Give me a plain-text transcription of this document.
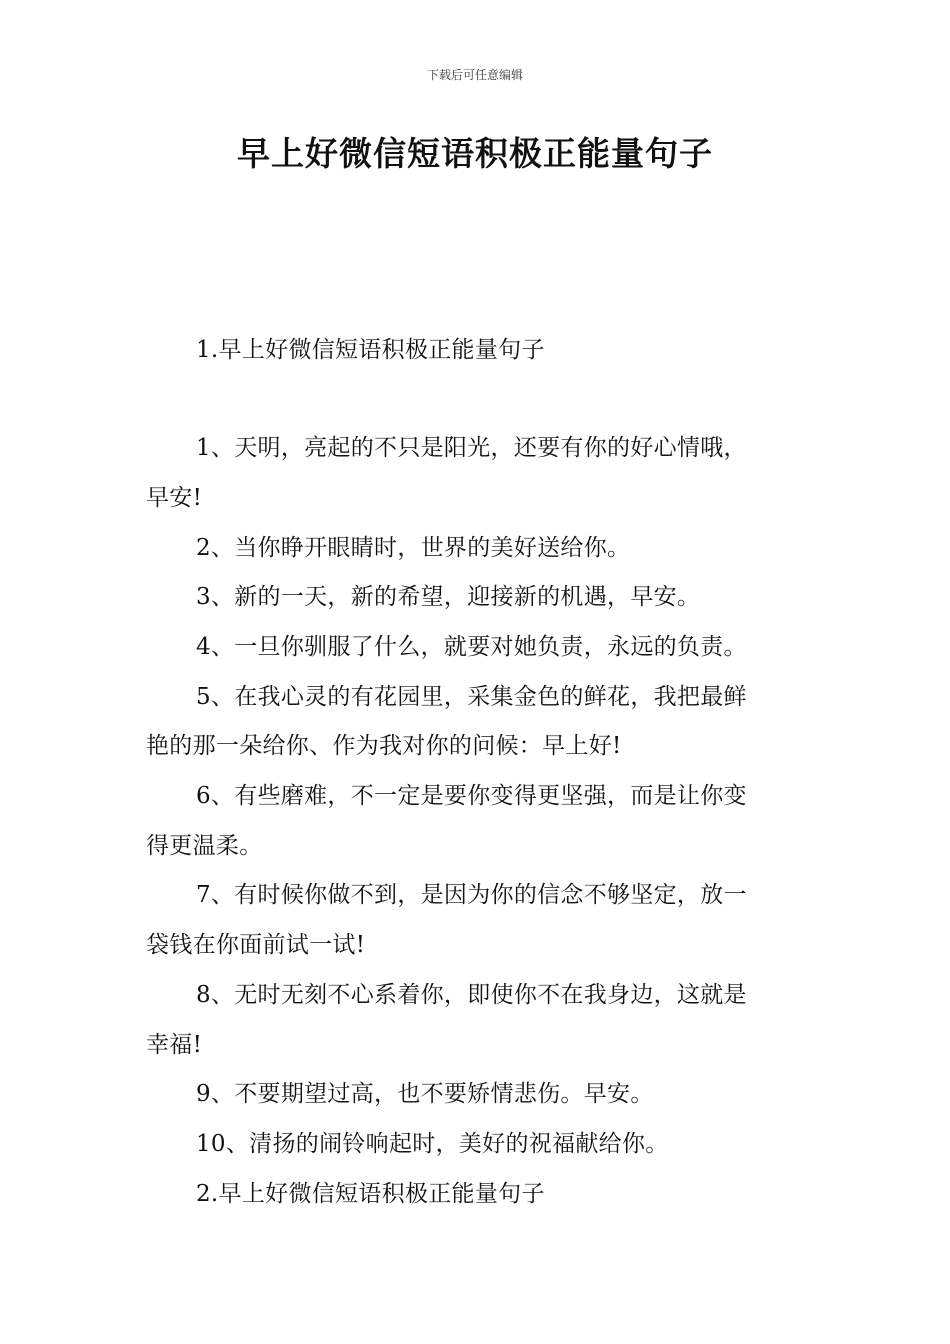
下载后可任意编辑
早上好微信短语积极正能量句子
1.早上好微信短语积极正能量句子
1、天明，亮起的不只是阳光，还要有你的好心情哦，
早安!
2、当你睁开眼睛时，世界的美好送给你。
3、新的一天，新的希望，迎接新的机遇，早安。
4、一旦你驯服了什么，就要对她负责，永远的负责。
5、在我心灵的有花园里，采集金色的鲜花，我把最鲜
艳的那一朵给你、作为我对你的问候：早上好!
6、有些磨难，不一定是要你变得更坚强，而是让你变
得更温柔。
7、有时候你做不到，是因为你的信念不够坚定，放一
袋钱在你面前试一试!
8、无时无刻不心系着你，即使你不在我身边，这就是
幸福!
9、不要期望过高，也不要矫情悲伤。早安。
10、清扬的闹铃响起时，美好的祝福献给你。
2.早上好微信短语积极正能量句子
